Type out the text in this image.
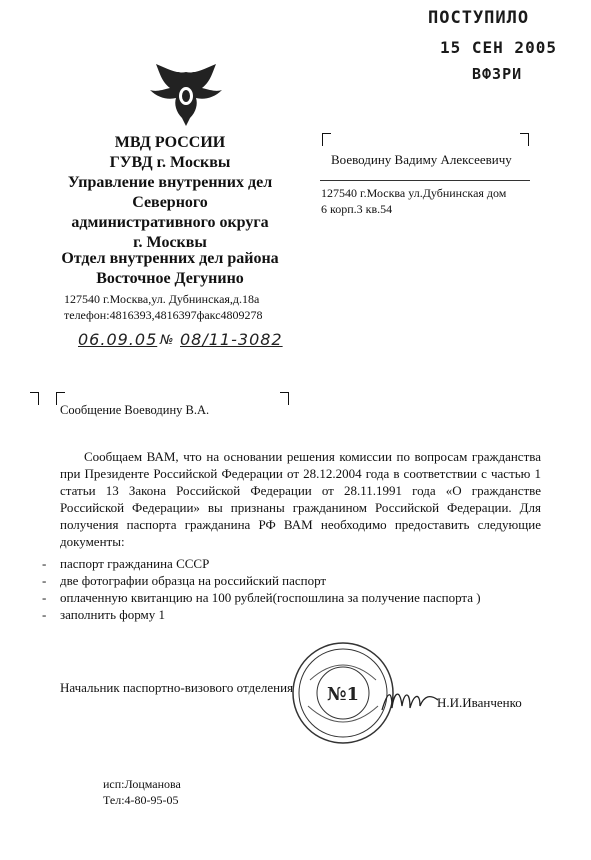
ПОСТУПИЛО
15 СЕН 2005
ВФЗРИ
МВД РОССИИ
ГУВД г. Москвы
Управление внутренних дел
Северного
административного округа
г. Москвы
Отдел внутренних дел района
Восточное Дегунино
127540 г.Москва,ул. Дубнинская,д.18а
телефон:4816393,4816397факс4809278
06.09.05 № 08/11-3082
Воеводину Вадиму Алексеевичу
127540 г.Москва ул.Дубнинская дом
6 корп.3 кв.54
Сообщение Воеводину В.А.

Сообщаем ВАМ, что на основании решения комиссии по вопросам гражданства при Президенте Российской Федерации от 28.12.2004 года в соответствии с частью 1 статьи 13 Закона Российской Федерации от 28.11.1991 года «О гражданстве Российской Федерации» вы признаны гражданином Российской Федерации. Для получения паспорта гражданина РФ ВАМ необходимо предоставить следующие документы:

-	паспорт гражданина СССР
-	две фотографии образца на российский паспорт
-	оплаченную квитанцию на 100 рублей(госпошлина за получение паспорта )
-	заполнить форму 1
Начальник паспортно-визового отделения №1	Н.И.Иванченко
исп:Лоцманова
Тел:4-80-95-05
